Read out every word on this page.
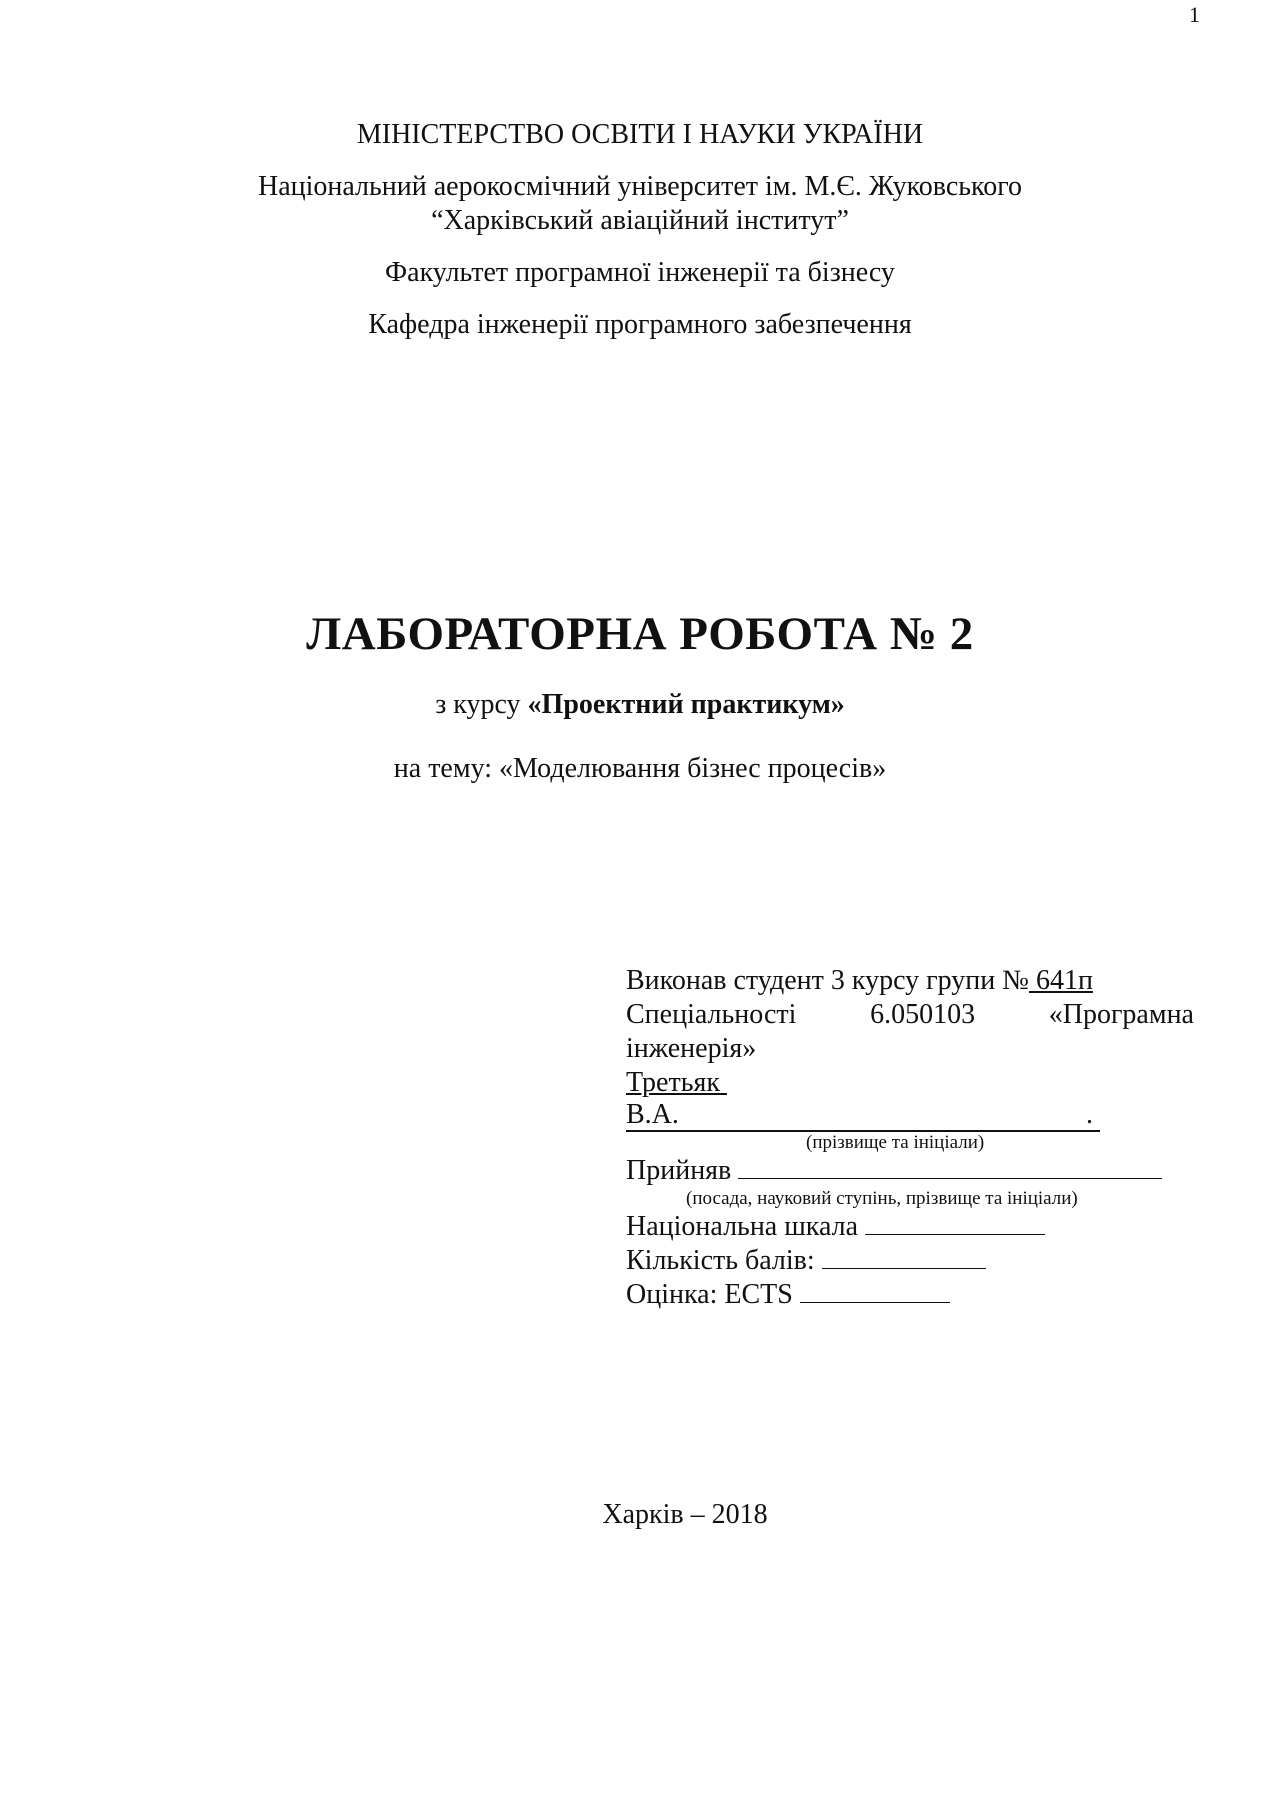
1
МІНІСТЕРСТВО ОСВІТИ І НАУКИ УКРАЇНИ
Національний аерокосмічний університет ім. М.Є. Жуковського
“Харківський авіаційний інститут”
Факультет програмної інженерії та бізнесу
Кафедра інженерії програмного забезпечення
ЛАБОРАТОРНА РОБОТА № 2
з курсу «Проектний практикум»
на тему: «Моделювання бізнес процесів»
Виконав студент 3 курсу групи № 641п
Спеціальності	6.050103	«Програмна
інженерія»
Третьяк
В.А.	.

(прізвище та ініціали)
Прийняв
(посада, науковий ступінь, прізвище та ініціали)
Національна шкала
Кількість балів:
Оцінка: ECTS
Харків – 2018
